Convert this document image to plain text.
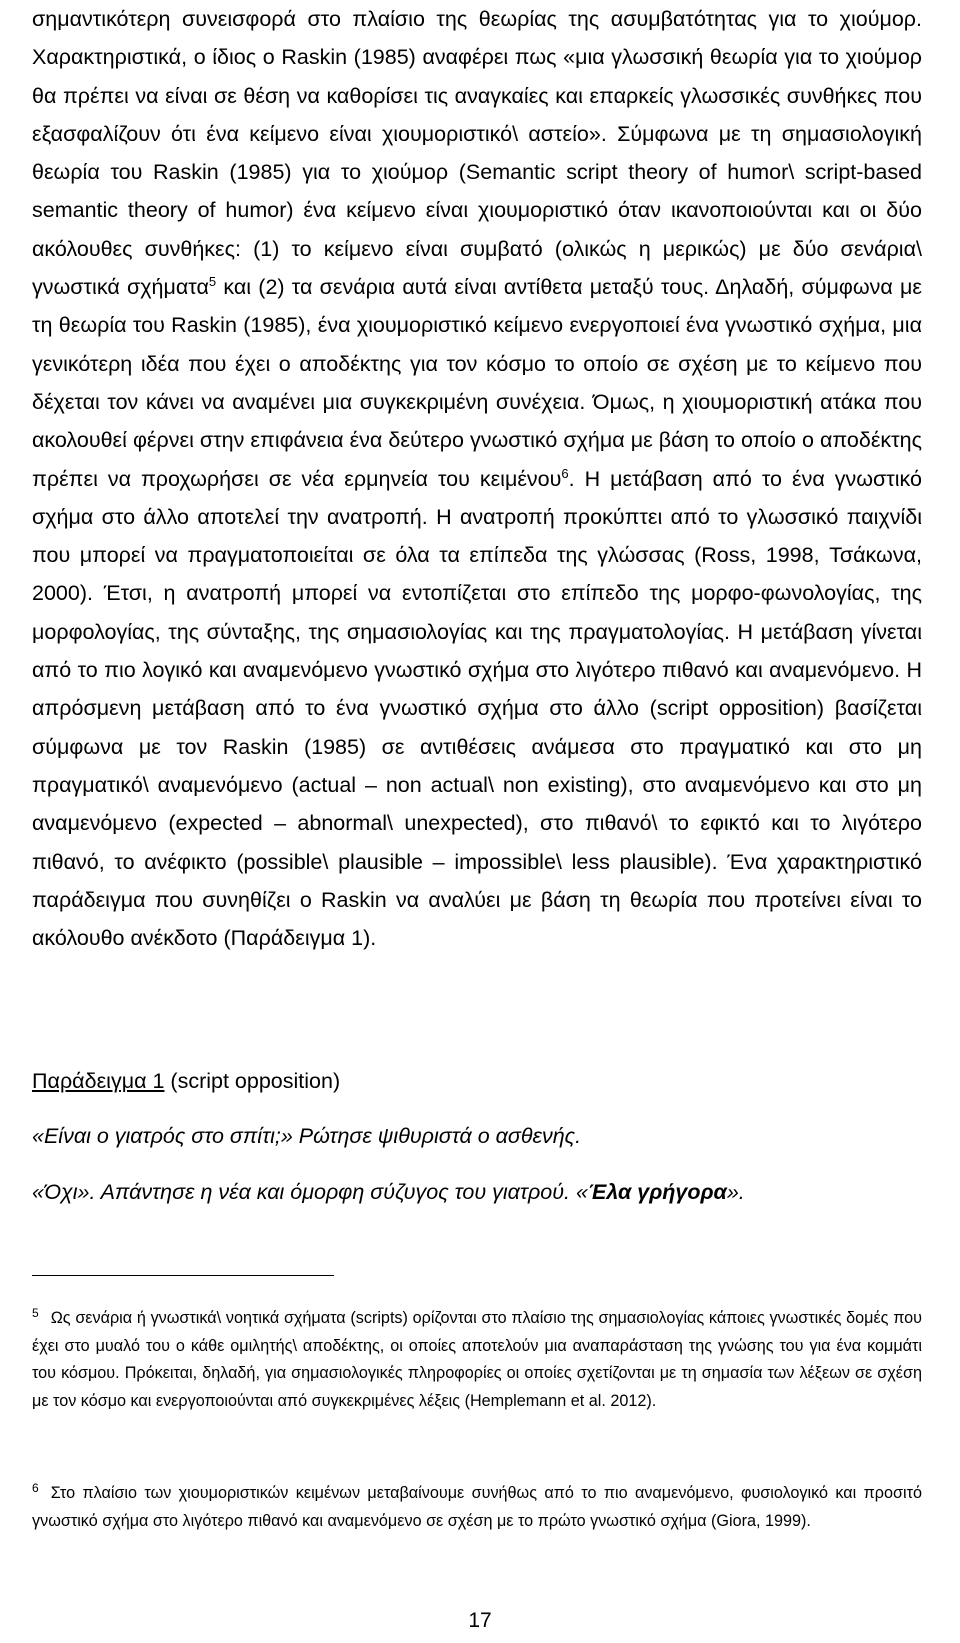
σημαντικότερη συνεισφορά στο πλαίσιο της θεωρίας της ασυμβατότητας για το χιούμορ. Χαρακτηριστικά, ο ίδιος ο Raskin (1985) αναφέρει πως «μια γλωσσική θεωρία για το χιούμορ θα πρέπει να είναι σε θέση να καθορίσει τις αναγκαίες και επαρκείς γλωσσικές συνθήκες που εξασφαλίζουν ότι ένα κείμενο είναι χιουμοριστικό\ αστείο». Σύμφωνα με τη σημασιολογική θεωρία του Raskin (1985) για το χιούμορ (Semantic script theory of humor\ script-based semantic theory of humor) ένα κείμενο είναι χιουμοριστικό όταν ικανοποιούνται και οι δύο ακόλουθες συνθήκες: (1) το κείμενο είναι συμβατό (ολικώς η μερικώς) με δύο σενάρια\ γνωστικά σχήματα$^5$ και (2) τα σενάρια αυτά είναι αντίθετα μεταξύ τους. Δηλαδή, σύμφωνα με τη θεωρία του Raskin (1985), ένα χιουμοριστικό κείμενο ενεργοποιεί ένα γνωστικό σχήμα, μια γενικότερη ιδέα που έχει ο αποδέκτης για τον κόσμο το οποίο σε σχέση με το κείμενο που δέχεται τον κάνει να αναμένει μια συγκεκριμένη συνέχεια. Όμως, η χιουμοριστική ατάκα που ακολουθεί φέρνει στην επιφάνεια ένα δεύτερο γνωστικό σχήμα με βάση το οποίο ο αποδέκτης πρέπει να προχωρήσει σε νέα ερμηνεία του κειμένου$^6$. Η μετάβαση από το ένα γνωστικό σχήμα στο άλλο αποτελεί την ανατροπή. Η ανατροπή προκύπτει από το γλωσσικό παιχνίδι που μπορεί να πραγματοποιείται σε όλα τα επίπεδα της γλώσσας (Ross, 1998, Τσάκωνα, 2000). Έτσι, η ανατροπή μπορεί να εντοπίζεται στο επίπεδο της μορφο-φωνολογίας, της μορφολογίας, της σύνταξης, της σημασιολογίας και της πραγματολογίας. Η μετάβαση γίνεται από το πιο λογικό και αναμενόμενο γνωστικό σχήμα στο λιγότερο πιθανό και αναμενόμενο. Η απρόσμενη μετάβαση από το ένα γνωστικό σχήμα στο άλλο (script opposition) βασίζεται σύμφωνα με τον Raskin (1985) σε αντιθέσεις ανάμεσα στο πραγματικό και στο μη πραγματικό\ αναμενόμενο (actual – non actual\ non existing), στο αναμενόμενο και στο μη αναμενόμενο (expected – abnormal\ unexpected), στο πιθανό\ το εφικτό και το λιγότερο πιθανό, το ανέφικτο (possible\ plausible – impossible\ less plausible). Ένα χαρακτηριστικό παράδειγμα που συνηθίζει ο Raskin να αναλύει με βάση τη θεωρία που προτείνει είναι το ακόλουθο ανέκδοτο (Παράδειγμα 1).

Παράδειγμα 1 (script opposition)
«Είναι ο γιατρός στο σπίτι;» Ρώτησε ψιθυριστά ο ασθενής.
«Όχι». Απάντησε η νέα και όμορφη σύζυγος του γιατρού. «Έλα γρήγορα».
$^5$ Ως σενάρια ή γνωστικά\ νοητικά σχήματα (scripts) ορίζονται στο πλαίσιο της σημασιολογίας κάποιες γνωστικές δομές που έχει στο μυαλό του ο κάθε ομιλητής\ αποδέκτης, οι οποίες αποτελούν μια αναπαράσταση της γνώσης του για ένα κομμάτι του κόσμου. Πρόκειται, δηλαδή, για σημασιολογικές πληροφορίες οι οποίες σχετίζονται με τη σημασία των λέξεων σε σχέση με τον κόσμο και ενεργοποιούνται από συγκεκριμένες λέξεις (Hemplemann et al. 2012).
$^6$ Στο πλαίσιο των χιουμοριστικών κειμένων μεταβαίνουμε συνήθως από το πιο αναμενόμενο, φυσιολογικό και προσιτό γνωστικό σχήμα στο λιγότερο πιθανό και αναμενόμενο σε σχέση με το πρώτο γνωστικό σχήμα (Giora, 1999).
17
